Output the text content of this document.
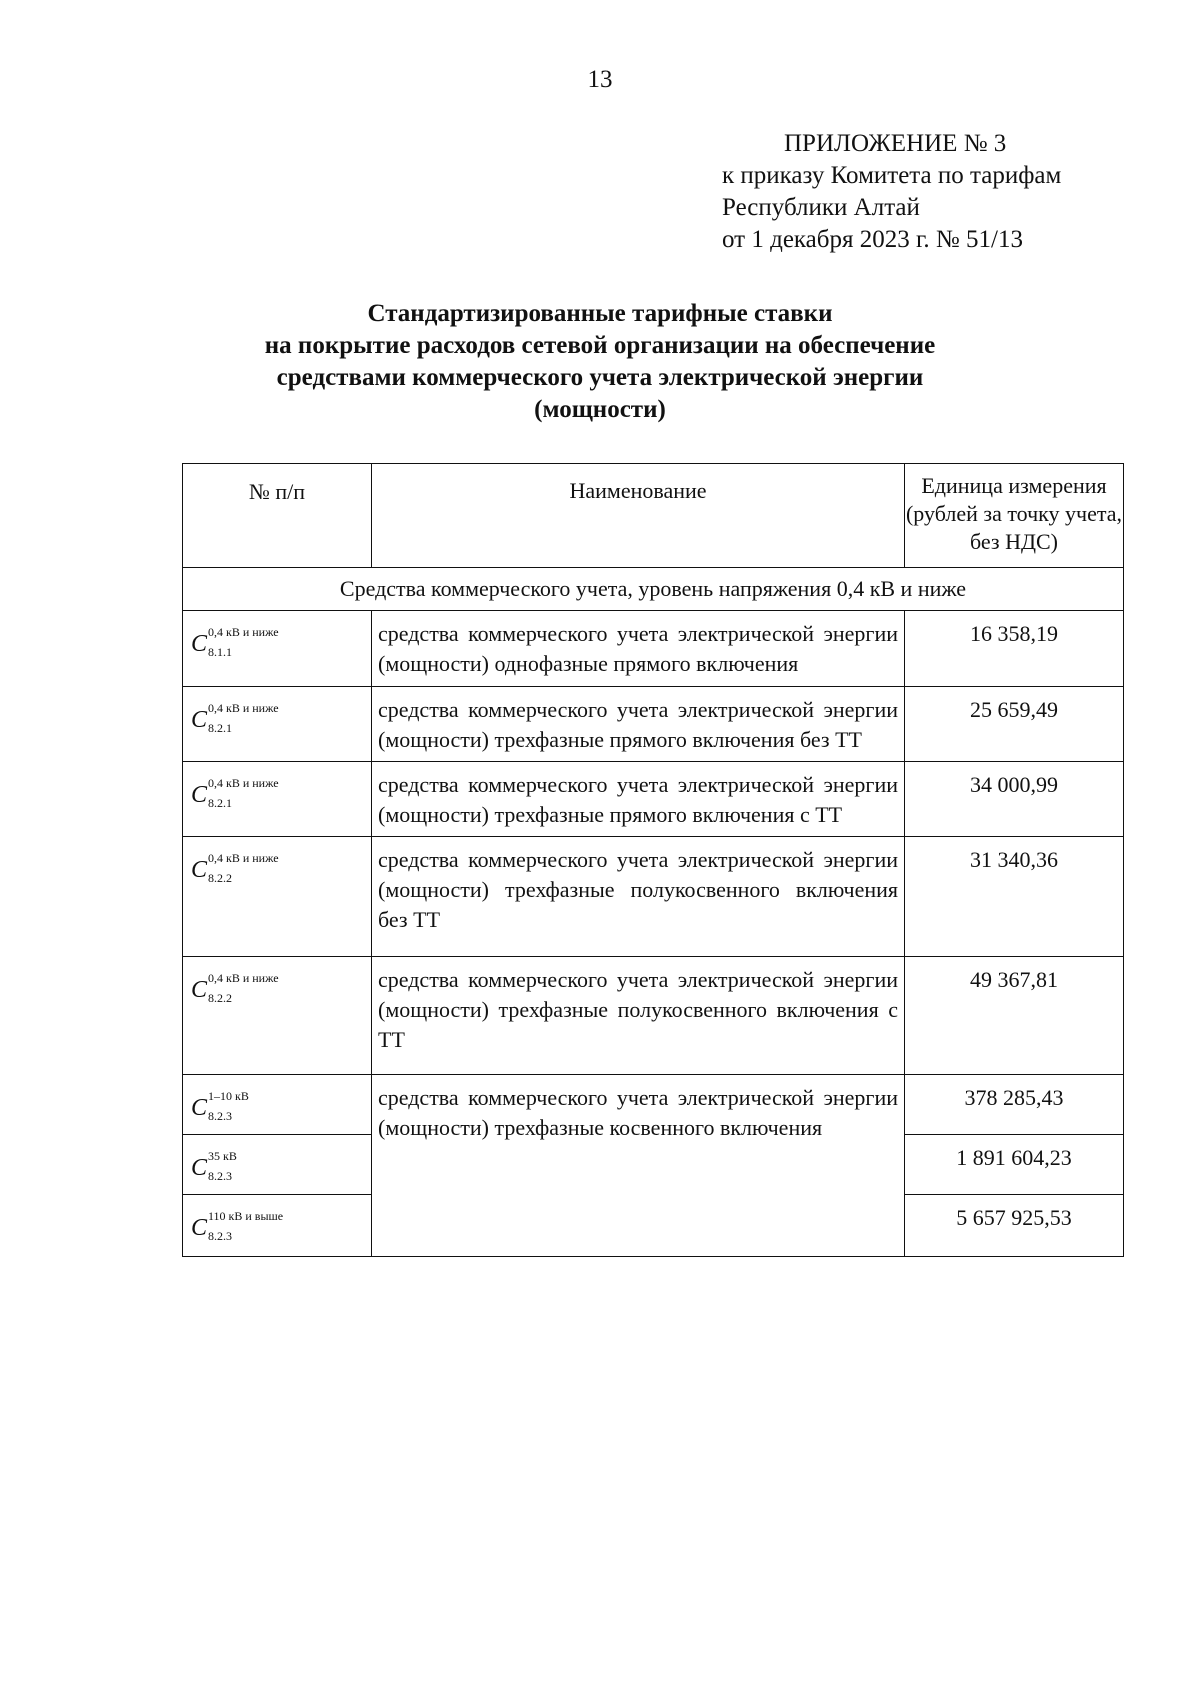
13
ПРИЛОЖЕНИЕ № 3
к приказу Комитета по тарифам
Республики Алтай
от 1 декабря 2023 г. № 51/13
Стандартизированные тарифные ставки
на покрытие расходов сетевой организации на обеспечение
средствами коммерческого учета электрической энергии
(мощности)
№ п/п	Наименование	Единица измерения (рублей за точку учета, без НДС)
Средства коммерческого учета, уровень напряжения 0,4 кВ и ниже		

C 0,4 кВ и ниже
8.1.1	средства коммерческого учета электрической энергии (мощности) однофазные прямого включения	16 358,19

C 0,4 кВ и ниже
8.2.1	средства коммерческого учета электрической энергии (мощности) трехфазные прямого включения без ТТ	25 659,49

C 0,4 кВ и ниже
8.2.1	средства коммерческого учета электрической энергии (мощности) трехфазные прямого включения с ТТ	34 000,99

C 0,4 кВ и ниже
8.2.2	средства коммерческого учета электрической энергии (мощности) трехфазные полукосвенного включения без ТТ	31 340,36

C 0,4 кВ и ниже
8.2.2	средства коммерческого учета электрической энергии (мощности) трехфазные полукосвенного включения с ТТ	49 367,81

C 1–10 кВ
8.2.3	средства коммерческого учета электрической энергии (мощности) трехфазные косвенного включения	378 285,43

C 35 кВ
8.2.3		1 891 604,23

C 110 кВ и выше
8.2.3		5 657 925,53
